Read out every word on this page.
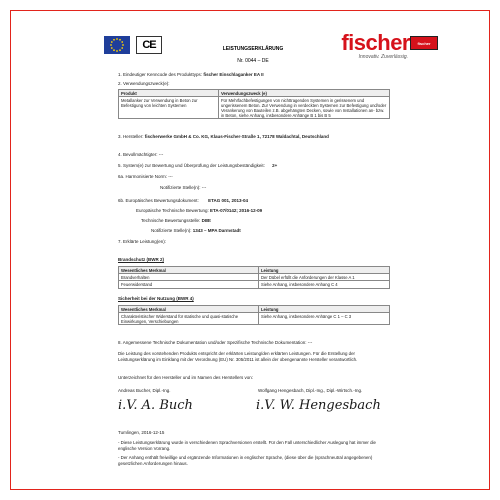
CE	fischer	fischer
Innovativ. Zuverlässig.
LEISTUNGSERKLÄRUNG
Nr. 0044 – DE
1. Eindeutiger Kenncode des Produkttyps: fischer Einschlaganker EA II
2. Verwendungszweck(e):
Produkt	Verwendungszweck (e)
Metallanker zur Verwendung in Beton zur Befestigung von leichten Systemen	Für Mehrfachbefestigungen von nichttragenden Systemen in gerissenem und ungerissenem Beton. Zur Verwendung in verdeckten Systemen zur Befestigung und/oder Verankerung von Bauteilen z.B. abgehängten Decken, sowie von Installationen an- bzw. in Beton, siehe Anhang, insbesondere Anhänge B 1 bis B 5
3. Hersteller: fischerwerke GmbH & Co. KG, Klaus-Fischer-Straße 1, 72178 Waldachtal, Deutschland
4. Bevollmächtigter: ---
5. System(e) zur Bewertung und Überprüfung der Leistungsbeständigkeit: 2+
6a. Harmonisierte Norm: ---
Notifizierte Stelle(n): ---
6b. Europäisches Bewertungsdokument: ETAG 001, 2013-04
Europäische Technische Bewertung: ETA-07/0142; 2016-12-09
Technische Bewertungsstelle: DIBt
Notifizierte Stelle(n): 1343 – MPA Darmstadt
7. Erklärte Leistung(en):
Brandschutz (BWR 2)
Wesentliches Merkmal	Leistung
Brandverhalten	Der Dübel erfüllt die Anforderungen der Klasse A 1
Feuerwiderstand	Siehe Anhang, insbesondere Anhang C 4
Sicherheit bei der Nutzung (BWR 4)
Wesentliches Merkmal	Leistung
Charakteristischer Widerstand für statische und quasi-statische Einwirkungen, Verschiebungen	Siehe Anhang, insbesondere Anhänge C 1 – C 3
8. Angemessene Technische Dokumentation und/oder Spezifische Technische Dokumentation: ---
Die Leistung des vorstehenden Produkts entspricht der erklärten Leistung/den erklärten Leistungen. Für die Erstellung der Leistungserklärung im Einklang mit der Verordnung (EU) Nr. 305/2011 ist allein der obengenannte Hersteller verantwortlich.
Unterzeichnet für den Hersteller und im Namen des Herstellers von:
Andreas Bucher, Dipl.-Ing.	Wolfgang Hengesbach, Dipl.-Ing., Dipl.-Wirtsch.-Ing.
i.V. A. Buch	i.V. W. Hengesbach
Tumlingen, 2016-12-15
- Diese Leistungserklärung wurde in verschiedenen Sprachversionen erstellt. Für den Fall unterschiedlicher Auslegung hat immer die englische Version Vorrang.
- Der Anhang enthält freiwillige und ergänzende Informationen in englischer Sprache, (diese über die (sprachneutral angegebenen) gesetzlichen Anforderungen hinaus.
